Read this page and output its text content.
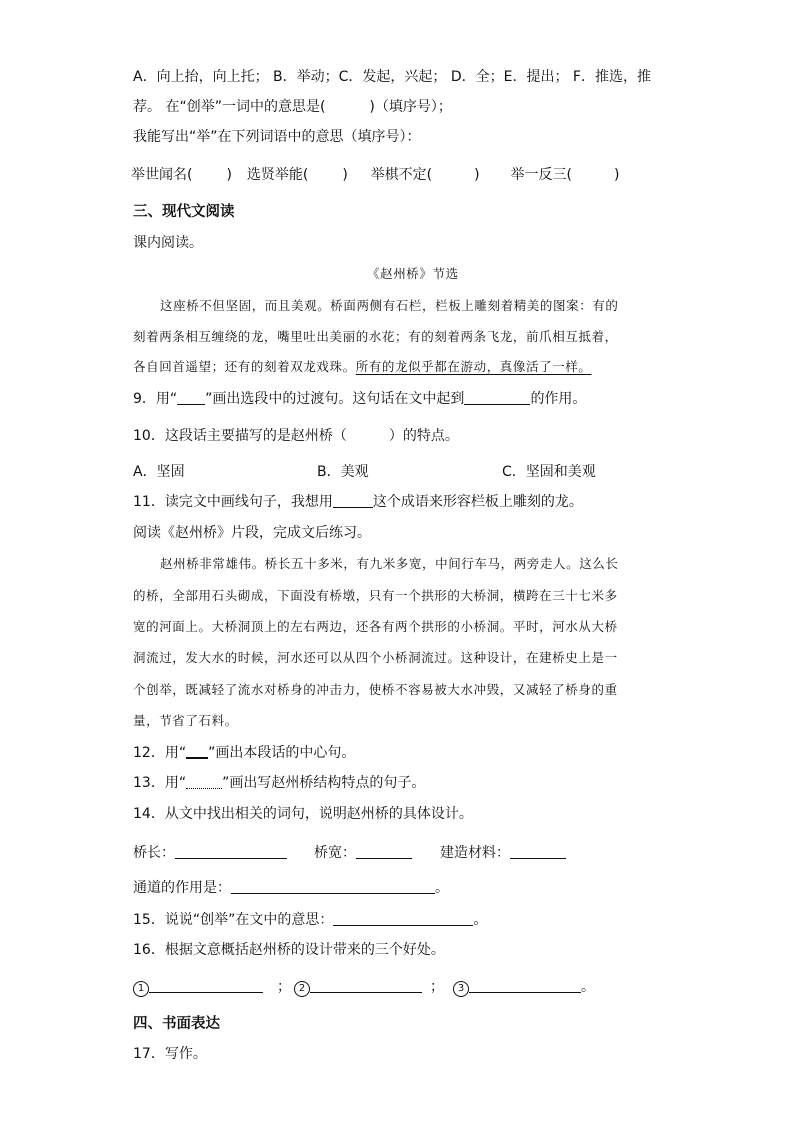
A．向上抬，向上托； B．举动；C．发起，兴起； D．全；E．提出； F．推选，推
荐。 在“创举”一词中的意思是(	)（填序号）；
我能写出“举”在下列词语中的意思（填序号）：
举世闻名( ) 选贤举能( ) 举棋不定(	) 举一反三(	)
三、现代文阅读
课内阅读。
《赵州桥》节选
这座桥不但坚固，而且美观。桥面两侧有石栏，栏板上雕刻着精美的图案：有的
刻着两条相互缠绕的龙，嘴里吐出美丽的水花；有的刻着两条飞龙，前爪相互抵着，
各自回首遥望；还有的刻着双龙戏珠。所有的龙似乎都在游动，真像活了一样。
9．用“ ”画出选段中的过渡句。这句话在文中起到	的作用。
10．这段话主要描写的是赵州桥（	）的特点。
A．坚固	B．美观	C．坚固和美观
11．读完文中画线句子，我想用	这个成语来形容栏板上雕刻的龙。
阅读《赵州桥》片段，完成文后练习。
赵州桥非常雄伟。桥长五十多米，有九米多宽，中间行车马，两旁走人。这么长
的桥，全部用石头砌成，下面没有桥墩，只有一个拱形的大桥洞，横跨在三十七米多
宽的河面上。大桥洞顶上的左右两边，还各有两个拱形的小桥洞。平时，河水从大桥
洞流过，发大水的时候，河水还可以从四个小桥洞流过。这种设计，在建桥史上是一
个创举，既减轻了流水对桥身的冲击力，使桥不容易被大水冲毁，又减轻了桥身的重
量，节省了石料。
12．用“ ”画出本段话的中心句。
13．用“	”画出写赵州桥结构特点的句子。
14．从文中找出相关的词句，说明赵州桥的具体设计。
桥长：	桥宽：	建造材料：
通道的作用是：	。
15．说说“创举”在文中的意思：	。
16．根据文意概括赵州桥的设计带来的三个好处。
1	； 2	；	3	。
四、书面表达
17．写作。
